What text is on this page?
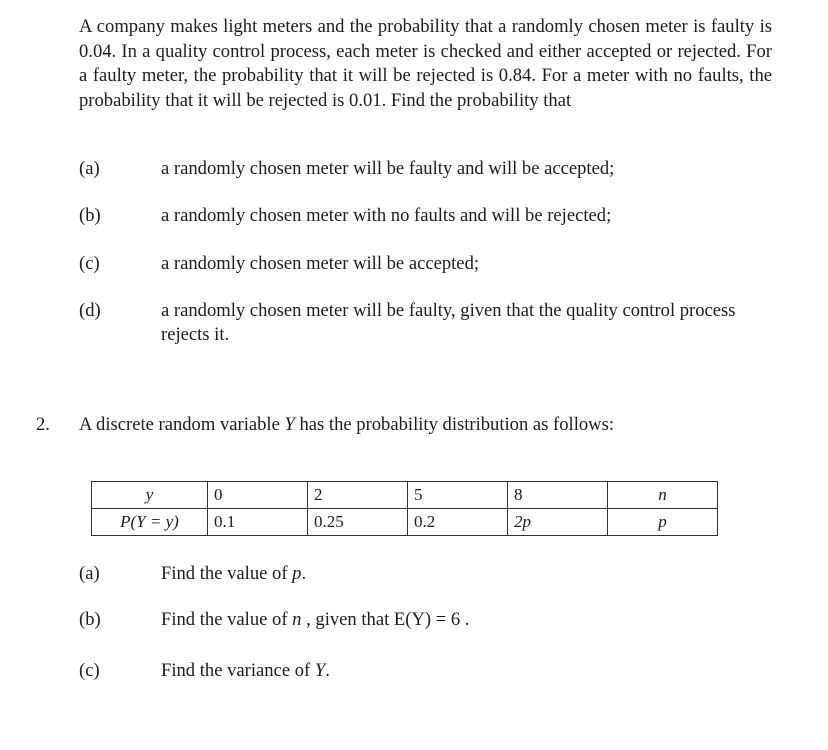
A company makes light meters and the probability that a randomly chosen meter is faulty is 0.04. In a quality control process, each meter is checked and either accepted or rejected. For a faulty meter, the probability that it will be rejected is 0.84. For a meter with no faults, the probability that it will be rejected is 0.01. Find the probability that

(a)	a randomly chosen meter will be faulty and will be accepted;
(b)	a randomly chosen meter with no faults and will be rejected;
(c)	a randomly chosen meter will be accepted;
(d)	a randomly chosen meter will be faulty, given that the quality control process rejects it.
2. A discrete random variable Y has the probability distribution as follows:
y	0	2	5	8	n
P(Y = y)	0.1	0.25	0.2	2p	p
(a)	Find the value of p.
(b)	Find the value of n , given that E(Y) = 6 .
(c)	Find the variance of Y.
